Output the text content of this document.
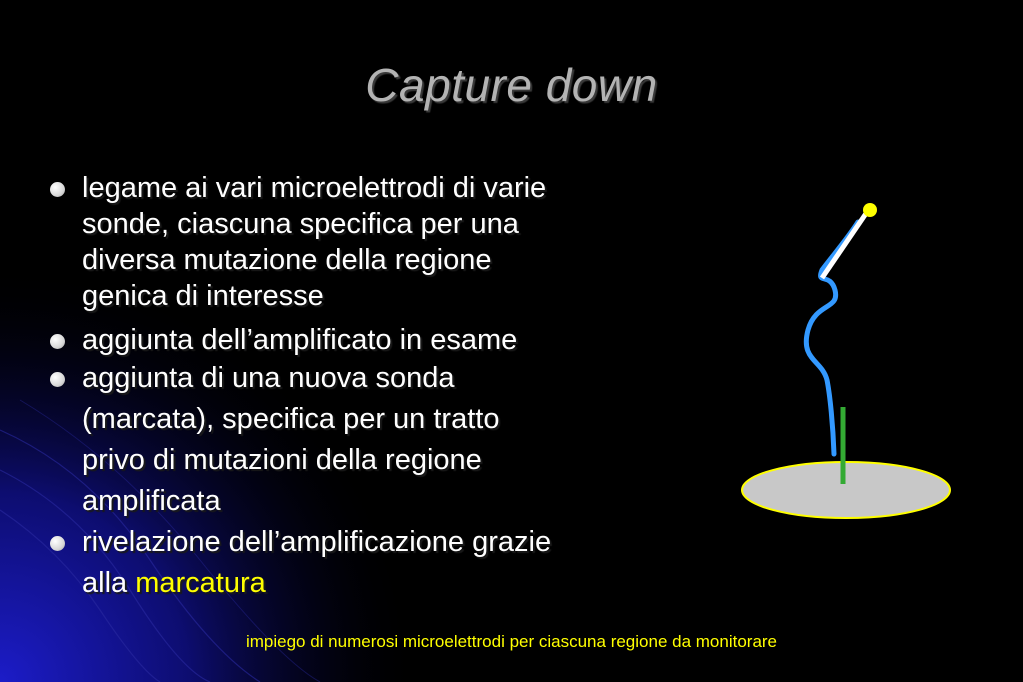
Capture down
legame ai vari microelettrodi di varie
sonde, ciascuna specifica per una
diversa mutazione della regione
genica di interesse
aggiunta dell’amplificato in esame
aggiunta di una nuova sonda
(marcata), specifica per un tratto
privo di mutazioni della regione
amplificata
rivelazione dell’amplificazione grazie
alla marcatura
impiego di numerosi microelettrodi per ciascuna regione da monitorare
